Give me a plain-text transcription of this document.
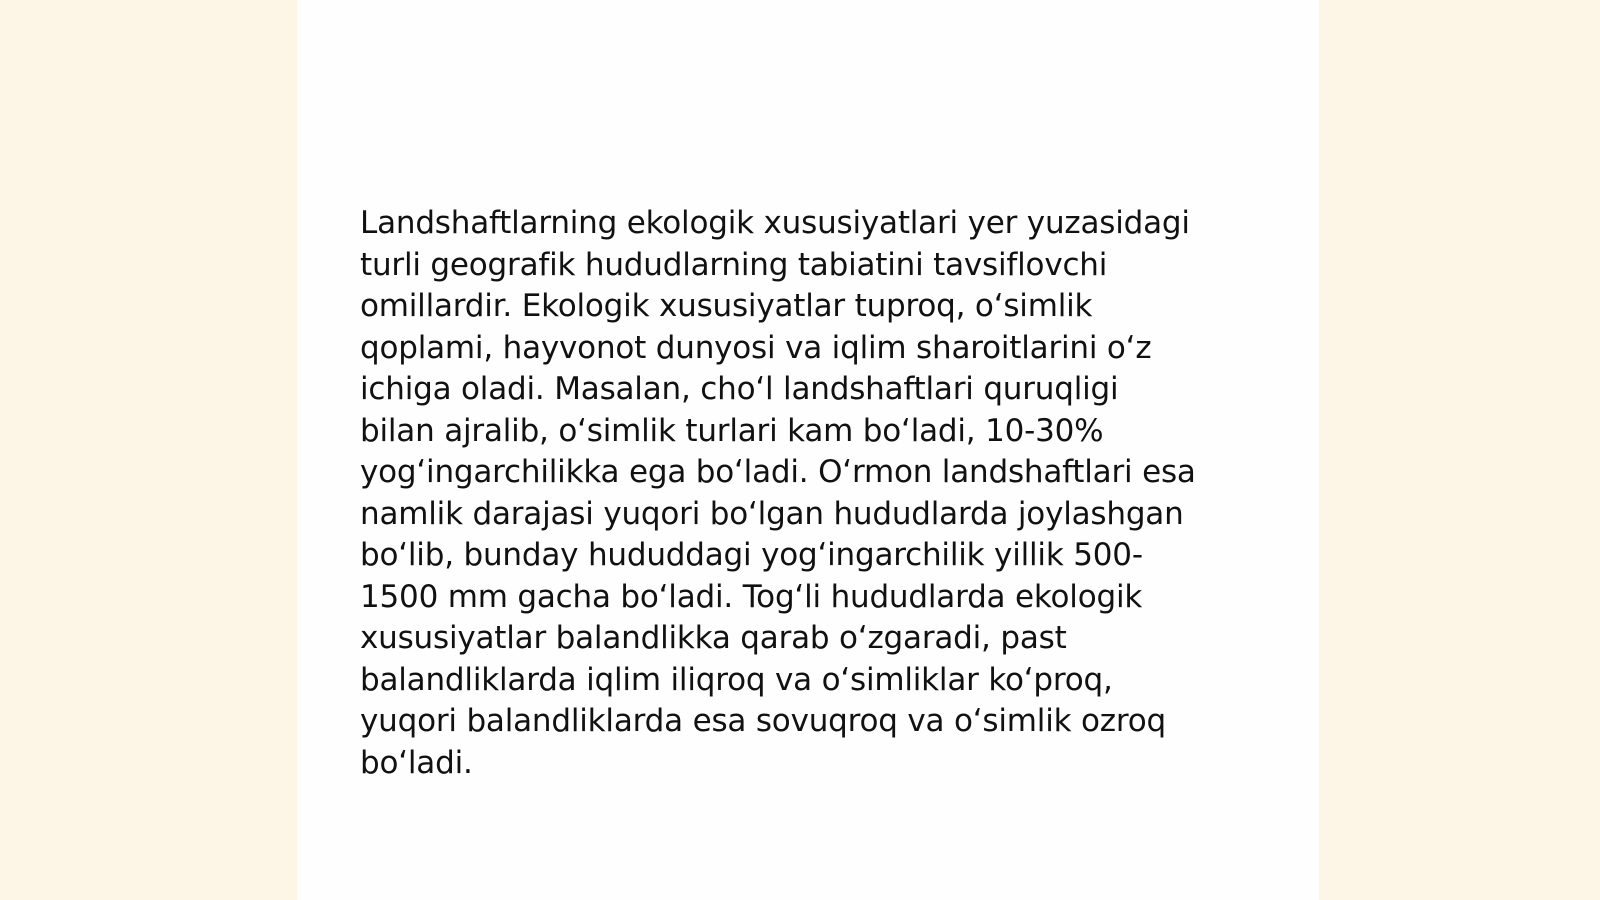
Landshaftlarning ekologik xususiyatlari yer yuzasidagi
turli geografik hududlarning tabiatini tavsiflovchi
omillardir. Ekologik xususiyatlar tuproq, o‘simlik
qoplami, hayvonot dunyosi va iqlim sharoitlarini o‘z
ichiga oladi. Masalan, cho‘l landshaftlari quruqligi
bilan ajralib, o‘simlik turlari kam bo‘ladi, 10-30%
yog‘ingarchilikka ega bo‘ladi. O‘rmon landshaftlari esa
namlik darajasi yuqori bo‘lgan hududlarda joylashgan
bo‘lib, bunday hududdagi yog‘ingarchilik yillik 500-
1500 mm gacha bo‘ladi. Tog‘li hududlarda ekologik
xususiyatlar balandlikka qarab o‘zgaradi, past
balandliklarda iqlim iliqroq va o‘simliklar ko‘proq,
yuqori balandliklarda esa sovuqroq va o‘simlik ozroq
bo‘ladi.
